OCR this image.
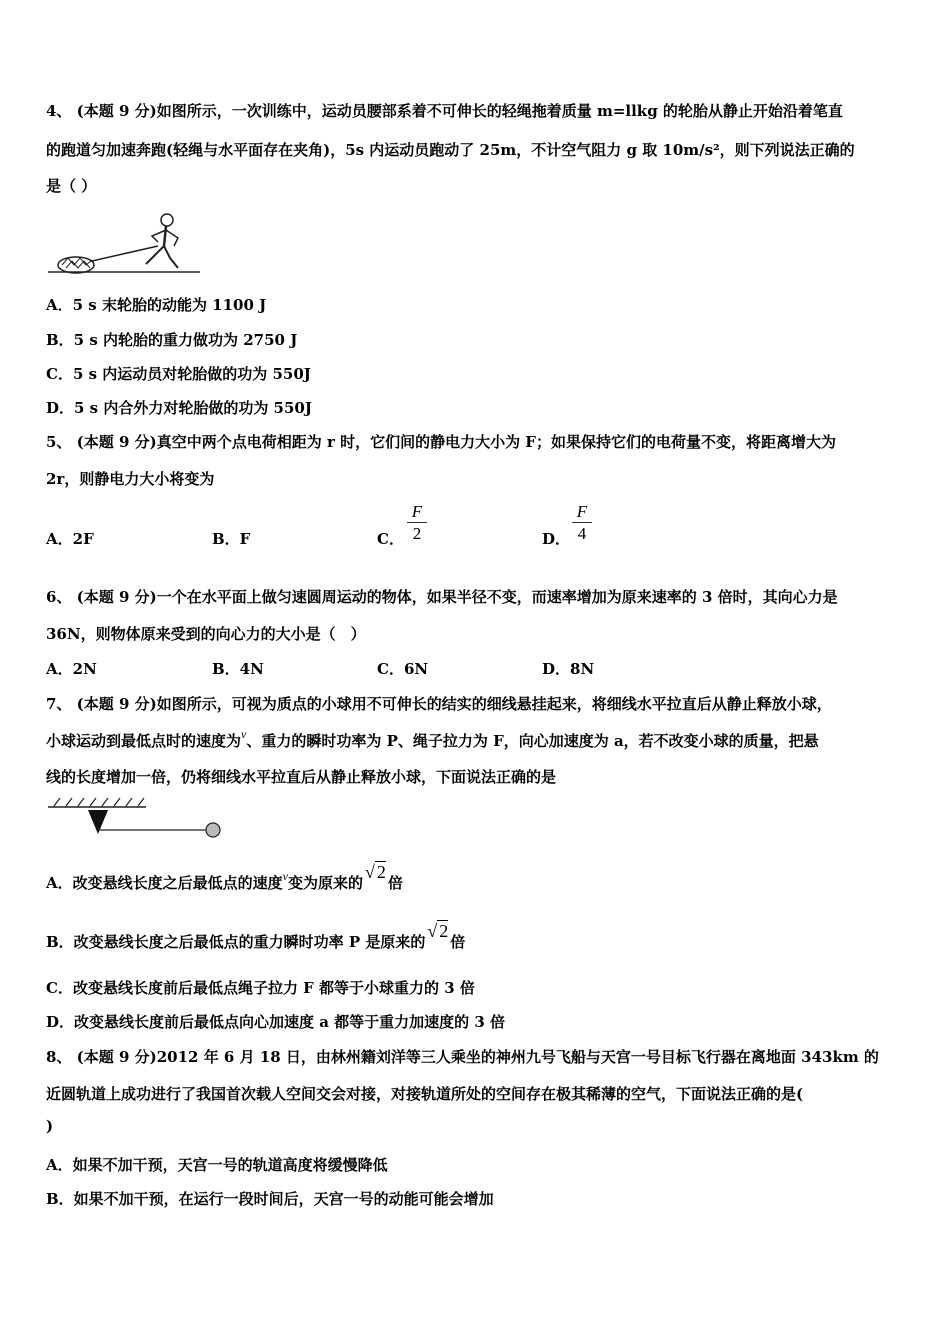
4、 (本题 9 分)如图所示，一次训练中，运动员腰部系着不可伸长的轻绳拖着质量 m=llkg 的轮胎从静止开始沿着笔直
的跑道匀加速奔跑(轻绳与水平面存在夹角)，5s 内运动员跑动了 25m，不计空气阻力 g 取 10m/s²，则下列说法正确的
是（ ）
A．5 s 末轮胎的动能为 1100 J
B．5 s 内轮胎的重力做功为 2750 J
C．5 s 内运动员对轮胎做的功为 550J
D．5 s 内合外力对轮胎做的功为 550J
5、 (本题 9 分)真空中两个点电荷相距为 r 时，它们间的静电力大小为 F；如果保持它们的电荷量不变，将距离增大为
2r，则静电力大小将变为
A．2F	B．F	C． $\frac{F}{2}$	D． $\frac{F}{4}$
6、 (本题 9 分)一个在水平面上做匀速圆周运动的物体，如果半径不变，而速率增加为原来速率的 3 倍时，其向心力是
36N，则物体原来受到的向心力的大小是（　）
A．2N	B．4N	C．6N	D．8N
7、 (本题 9 分)如图所示，可视为质点的小球用不可伸长的结实的细线悬挂起来，将细线水平拉直后从静止释放小球，
小球运动到最低点时的速度为$^v$、重力的瞬时功率为 P、绳子拉力为 F，向心加速度为 a，若不改变小球的质量，把悬
线的长度增加一倍，仍将细线水平拉直后从静止释放小球，下面说法正确的是
A．改变悬线长度之后最低点的速度$^v$变为原来的√ 2倍
B．改变悬线长度之后最低点的重力瞬时功率 P 是原来的√ 2倍
C．改变悬线长度前后最低点绳子拉力 F 都等于小球重力的 3 倍
D．改变悬线长度前后最低点向心加速度 a 都等于重力加速度的 3 倍
8、 (本题 9 分)2012 年 6 月 18 日，由林州籍刘洋等三人乘坐的神州九号飞船与天宫一号目标飞行器在离地面 343km 的
近圆轨道上成功进行了我国首次载人空间交会对接，对接轨道所处的空间存在极其稀薄的空气，下面说法正确的是(
)
A．如果不加干预，天宫一号的轨道高度将缓慢降低
B．如果不加干预，在运行一段时间后，天宫一号的动能可能会增加
